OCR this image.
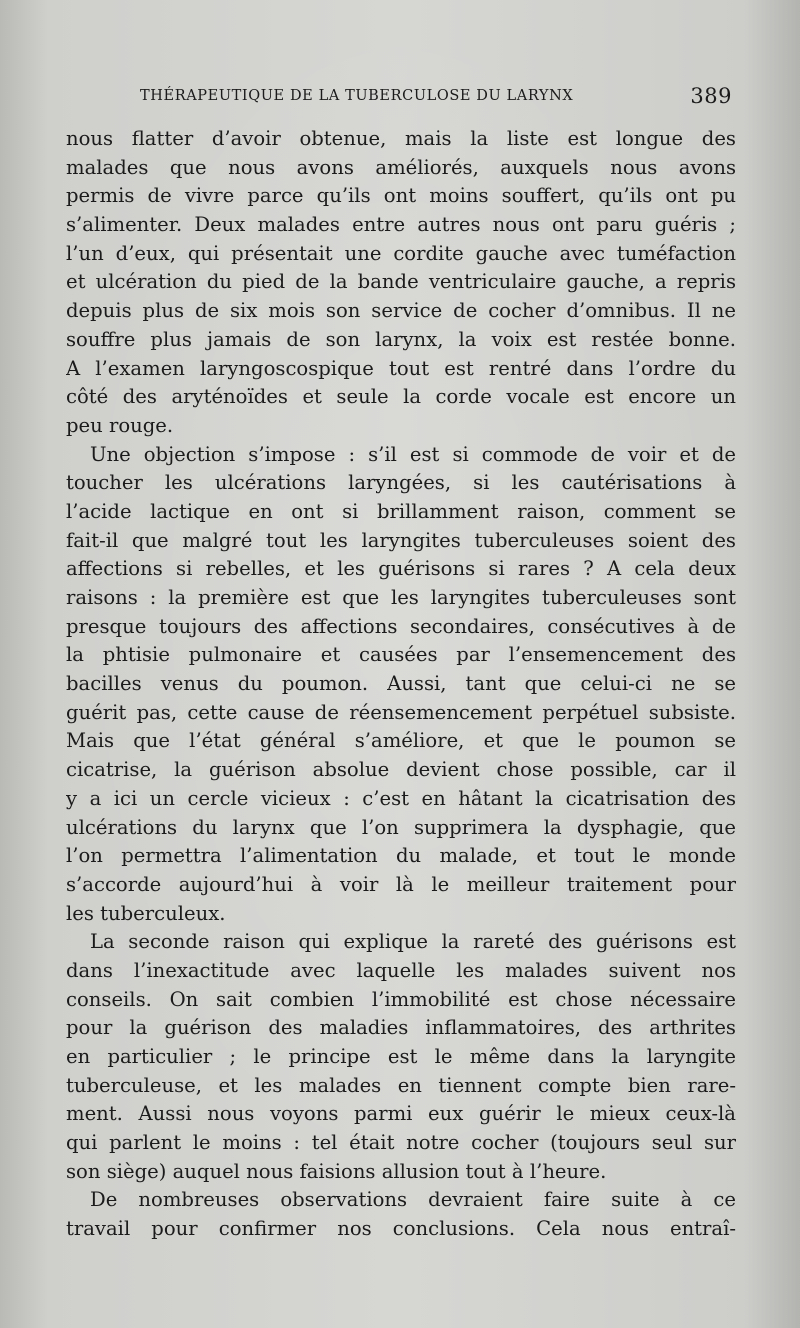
THÉRAPEUTIQUE DE LA TUBERCULOSE DU LARYNX	389
nous flatter d’avoir obtenue, mais la liste est longue des
malades que nous avons améliorés, auxquels nous avons
permis de vivre parce qu’ils ont moins souffert, qu’ils ont pu
s’alimenter. Deux malades entre autres nous ont paru guéris ;
l’un d’eux, qui présentait une cordite gauche avec tuméfaction
et ulcération du pied de la bande ventriculaire gauche, a repris
depuis plus de six mois son service de cocher d’omnibus. Il ne
souffre plus jamais de son larynx, la voix est restée bonne.
A l’examen laryngoscospique tout est rentré dans l’ordre du
côté des aryténoïdes et seule la corde vocale est encore un
peu rouge.
Une objection s’impose : s’il est si commode de voir et de
toucher les ulcérations laryngées, si les cautérisations à
l’acide lactique en ont si brillamment raison, comment se
fait-il que malgré tout les laryngites tuberculeuses soient des
affections si rebelles, et les guérisons si rares ? A cela deux
raisons : la première est que les laryngites tuberculeuses sont
presque toujours des affections secondaires, consécutives à de
la phtisie pulmonaire et causées par l’ensemencement des
bacilles venus du poumon. Aussi, tant que celui-ci ne se
guérit pas, cette cause de réensemencement perpétuel subsiste.
Mais que l’état général s’améliore, et que le poumon se
cicatrise, la guérison absolue devient chose possible, car il
y a ici un cercle vicieux : c’est en hâtant la cicatrisation des
ulcérations du larynx que l’on supprimera la dysphagie, que
l’on permettra l’alimentation du malade, et tout le monde
s’accorde aujourd’hui à voir là le meilleur traitement pour
les tuberculeux.
La seconde raison qui explique la rareté des guérisons est
dans l’inexactitude avec laquelle les malades suivent nos
conseils. On sait combien l’immobilité est chose nécessaire
pour la guérison des maladies inflammatoires, des arthrites
en particulier ; le principe est le même dans la laryngite
tuberculeuse, et les malades en tiennent compte bien rare-
ment. Aussi nous voyons parmi eux guérir le mieux ceux-là
qui parlent le moins : tel était notre cocher (toujours seul sur
son siège) auquel nous faisions allusion tout à l’heure.
De nombreuses observations devraient faire suite à ce
travail pour confirmer nos conclusions. Cela nous entraî-
